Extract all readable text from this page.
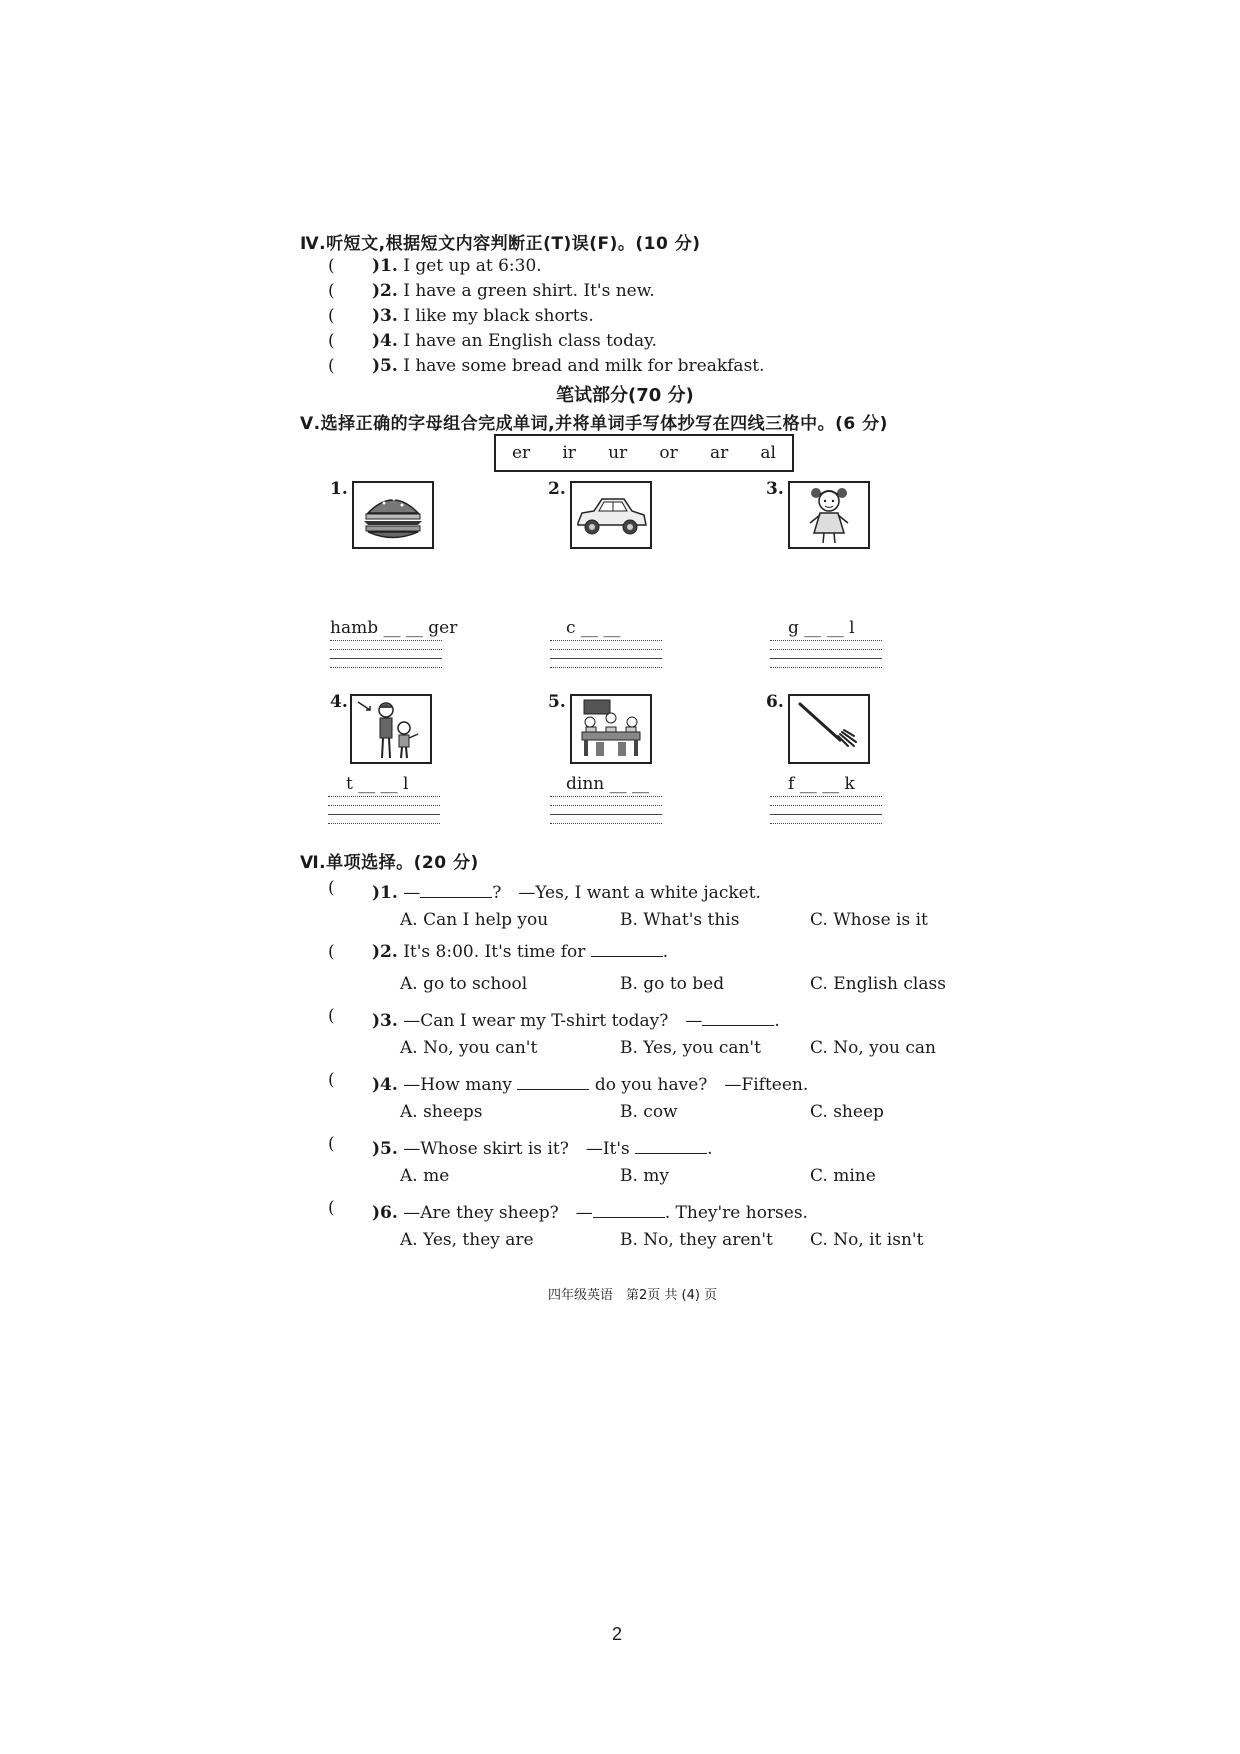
Ⅳ.听短文,根据短文内容判断正(T)误(F)。(10 分)
( )1. I get up at 6:30.
( )2. I have a green shirt. It's new.
( )3. I like my black shorts.
( )4. I have an English class today.
( )5. I have some bread and milk for breakfast.
笔试部分(70 分)
Ⅴ.选择正确的字母组合完成单词,并将单词手写体抄写在四线三格中。(6 分)
er ir ur or ar al
1.
hamb __ __ ger
2.
c __ __
3.
g __ __ l
4.
t __ __ l
5.
dinn __ __
6.
f __ __ k
Ⅵ.单项选择。(20 分)
( )1. —	?　—Yes, I want a white jacket.
A. Can I help you	B. What's this	C. Whose is it
( )2. It's 8:00. It's time for	.
A. go to school	B. go to bed	C. English class
( )3. —Can I wear my T-shirt today?　—	.
A. No, you can't	B. Yes, you can't	C. No, you can
( )4. —How many	do you have?　—Fifteen.
A. sheeps	B. cow	C. sheep
( )5. —Whose skirt is it?　—It's	.
A. me	B. my	C. mine
( )6. —Are they sheep?　—	. They're horses.
A. Yes, they are	B. No, they aren't C. No, it isn't
四年级英语　第2页 共 (4) 页
2
